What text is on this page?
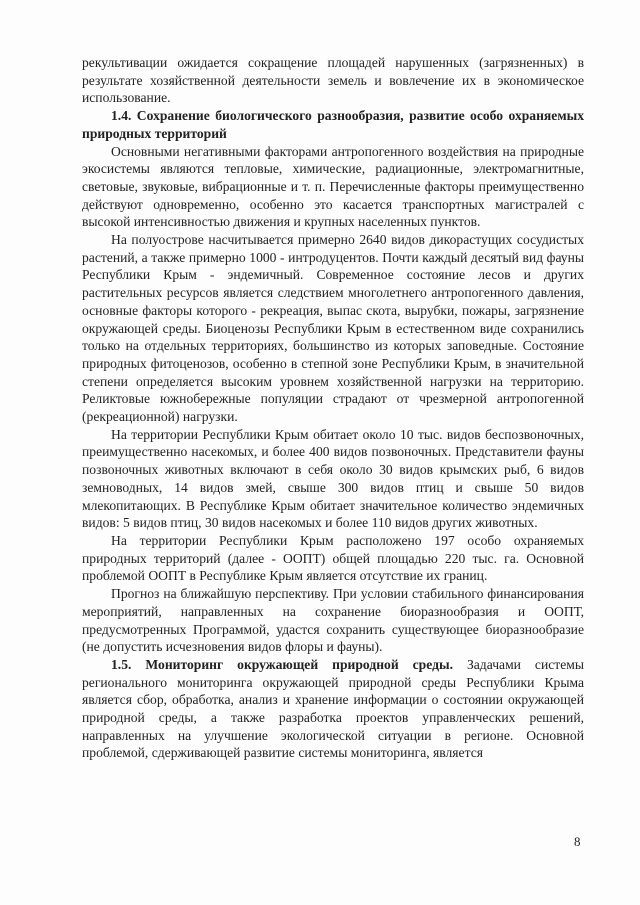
рекультивации ожидается сокращение площадей нарушенных (загрязненных) в результате хозяйственной деятельности земель и вовлечение их в экономическое использование.

1.4. Сохранение биологического разнообразия, развитие особо охраняемых природных территорий

Основными негативными факторами антропогенного воздействия на природные экосистемы являются тепловые, химические, радиационные, электромагнитные, световые, звуковые, вибрационные и т. п. Перечисленные факторы преимущественно действуют одновременно, особенно это касается транспортных магистралей с высокой интенсивностью движения и крупных населенных пунктов.

На полуострове насчитывается примерно 2640 видов дикорастущих сосудистых растений, а также примерно 1000 - интродуцентов. Почти каждый десятый вид фауны Республики Крым - эндемичный. Современное состояние лесов и других растительных ресурсов является следствием многолетнего антропогенного давления, основные факторы которого - рекреация, выпас скота, вырубки, пожары, загрязнение окружающей среды. Биоценозы Республики Крым в естественном виде сохранились только на отдельных территориях, большинство из которых заповедные. Состояние природных фитоценозов, особенно в степной зоне Республики Крым, в значительной степени определяется высоким уровнем хозяйственной нагрузки на территорию. Реликтовые южнобережные популяции страдают от чрезмерной антропогенной (рекреационной) нагрузки.

На территории Республики Крым обитает около 10 тыс. видов беспозвоночных, преимущественно насекомых, и более 400 видов позвоночных. Представители фауны позвоночных животных включают в себя около 30 видов крымских рыб, 6 видов земноводных, 14 видов змей, свыше 300 видов птиц и свыше 50 видов млекопитающих. В Республике Крым обитает значительное количество эндемичных видов: 5 видов птиц, 30 видов насекомых и более 110 видов других животных.

На территории Республики Крым расположено 197 особо охраняемых природных территорий (далее - ООПТ) общей площадью 220 тыс. га. Основной проблемой ООПТ в Республике Крым является отсутствие их границ.

Прогноз на ближайшую перспективу. При условии стабильного финансирования мероприятий, направленных на сохранение биоразнообразия и ООПТ, предусмотренных Программой, удастся сохранить существующее биоразнообразие (не допустить исчезновения видов флоры и фауны).

1.5. Мониторинг окружающей природной среды. Задачами системы регионального мониторинга окружающей природной среды Республики Крыма является сбор, обработка, анализ и хранение информации о состоянии окружающей природной среды, а также разработка проектов управленческих решений, направленных на улучшение экологической ситуации в регионе. Основной проблемой, сдерживающей развитие системы мониторинга, является

8
